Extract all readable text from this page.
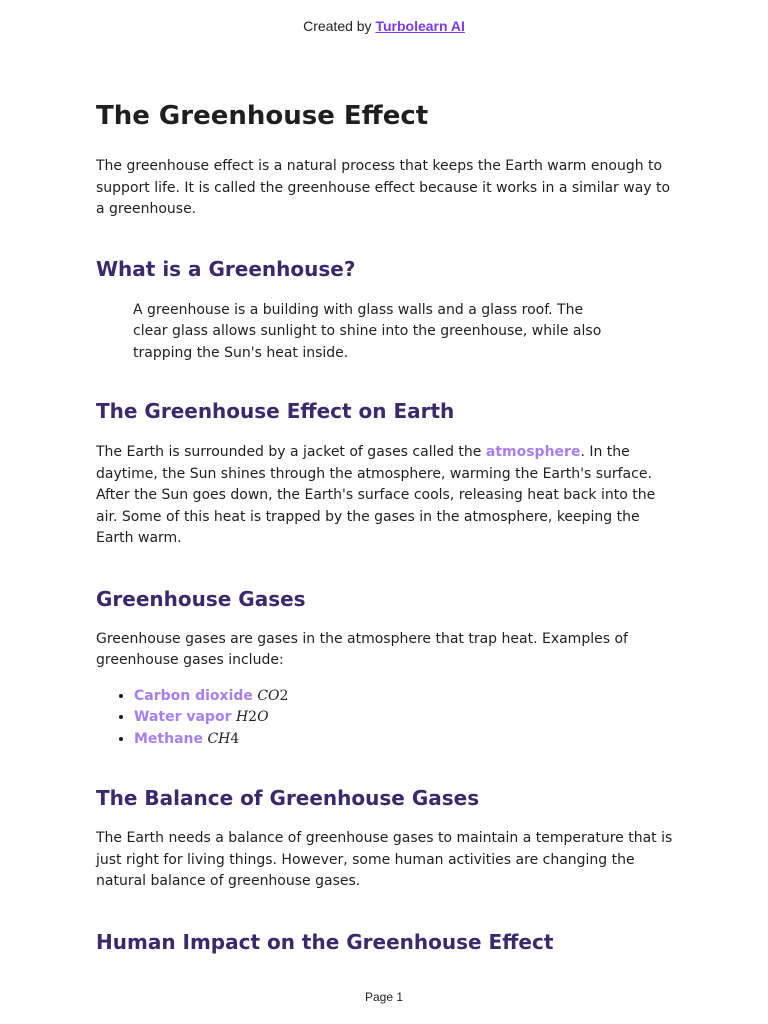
Created by Turbolearn AI
The Greenhouse Effect

The greenhouse effect is a natural process that keeps the Earth warm enough to support life. It is called the greenhouse effect because it works in a similar way to a greenhouse.

What is a Greenhouse?
A greenhouse is a building with glass walls and a glass roof. The clear glass allows sunlight to shine into the greenhouse, while also trapping the Sun's heat inside.
The Greenhouse Effect on Earth

The Earth is surrounded by a jacket of gases called the atmosphere. In the daytime, the Sun shines through the atmosphere, warming the Earth's surface. After the Sun goes down, the Earth's surface cools, releasing heat back into the air. Some of this heat is trapped by the gases in the atmosphere, keeping the Earth warm.

Greenhouse Gases

Greenhouse gases are gases in the atmosphere that trap heat. Examples of greenhouse gases include:

• Carbon dioxide CO2
• Water vapor H2O
• Methane CH4
The Balance of Greenhouse Gases

The Earth needs a balance of greenhouse gases to maintain a temperature that is just right for living things. However, some human activities are changing the natural balance of greenhouse gases.

Human Impact on the Greenhouse Effect
Page 1
